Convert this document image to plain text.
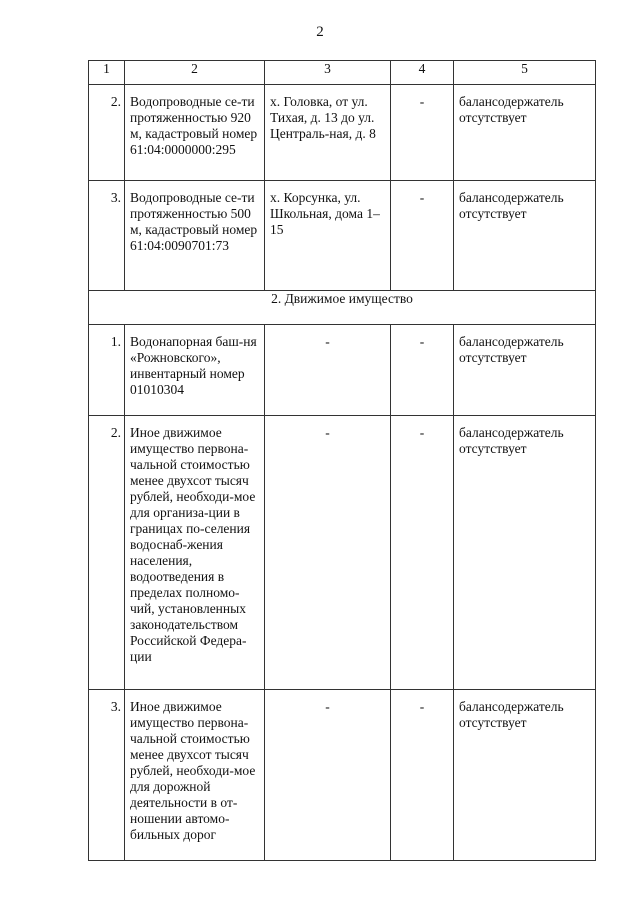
2
1	2	3	4	5
2.	Водопроводные се-ти протяженностью 920 м, кадастровый номер 61:04:0000000:295	х. Головка, от ул. Тихая, д. 13 до ул. Централь-ная, д. 8	-	балансодержатель отсутствует
3.	Водопроводные се-ти протяженностью 500 м, кадастровый номер 61:04:0090701:73	х. Корсунка, ул. Школьная, дома 1–15	-	балансодержатель отсутствует
2. Движимое имущество				
1.	Водонапорная баш-ня «Рожновского», инвентарный номер 01010304	-	-	балансодержатель отсутствует
2.	Иное движимое имущество первона-чальной стоимостью менее двухсот тысяч рублей, необходи-мое для организа-ции в границах по-селения водоснаб-жения населения, водоотведения в пределах полномо-чий, установленных законодательством Российской Федера-ции	-	-	балансодержатель отсутствует
3.	Иное движимое имущество первона-чальной стоимостью менее двухсот тысяч рублей, необходи-мое для дорожной деятельности в от-ношении автомо-бильных дорог	-	-	балансодержатель отсутствует
